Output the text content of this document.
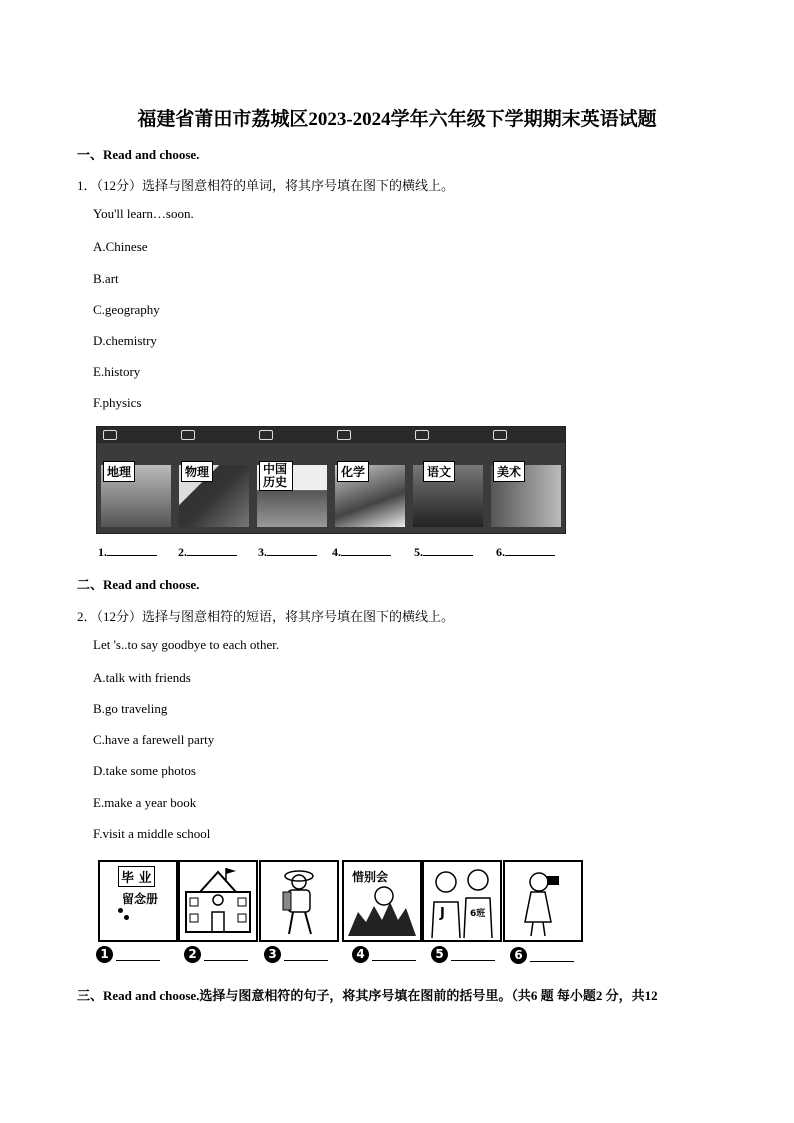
福建省莆田市荔城区2023-2024学年六年级下学期期末英语试题
一、Read and choose.
1．（12分）选择与图意相符的单词，将其序号填在图下的横线上。
You'll learn…soon.
A.Chinese
B.art
C.geography
D.chemistry
E.history
F.physics
地理	物理	中国历史
化学	语文	美术
1.	2.	3.	4.	5.	6.
二、Read and choose.
2．（12分）选择与图意相符的短语，将其序号填在图下的横线上。
Let 's..to say goodbye to each other.
A.talk with friends
B.go traveling
C.have a farewell party
D.take some photos
E.make a year book
F.visit a middle school
毕 业
留念册
惜别会
J	6班
1	2	3	4	5	6
三、Read and choose.选择与图意相符的句子，将其序号填在图前的括号里。（共6 题 每小题2 分，共12
